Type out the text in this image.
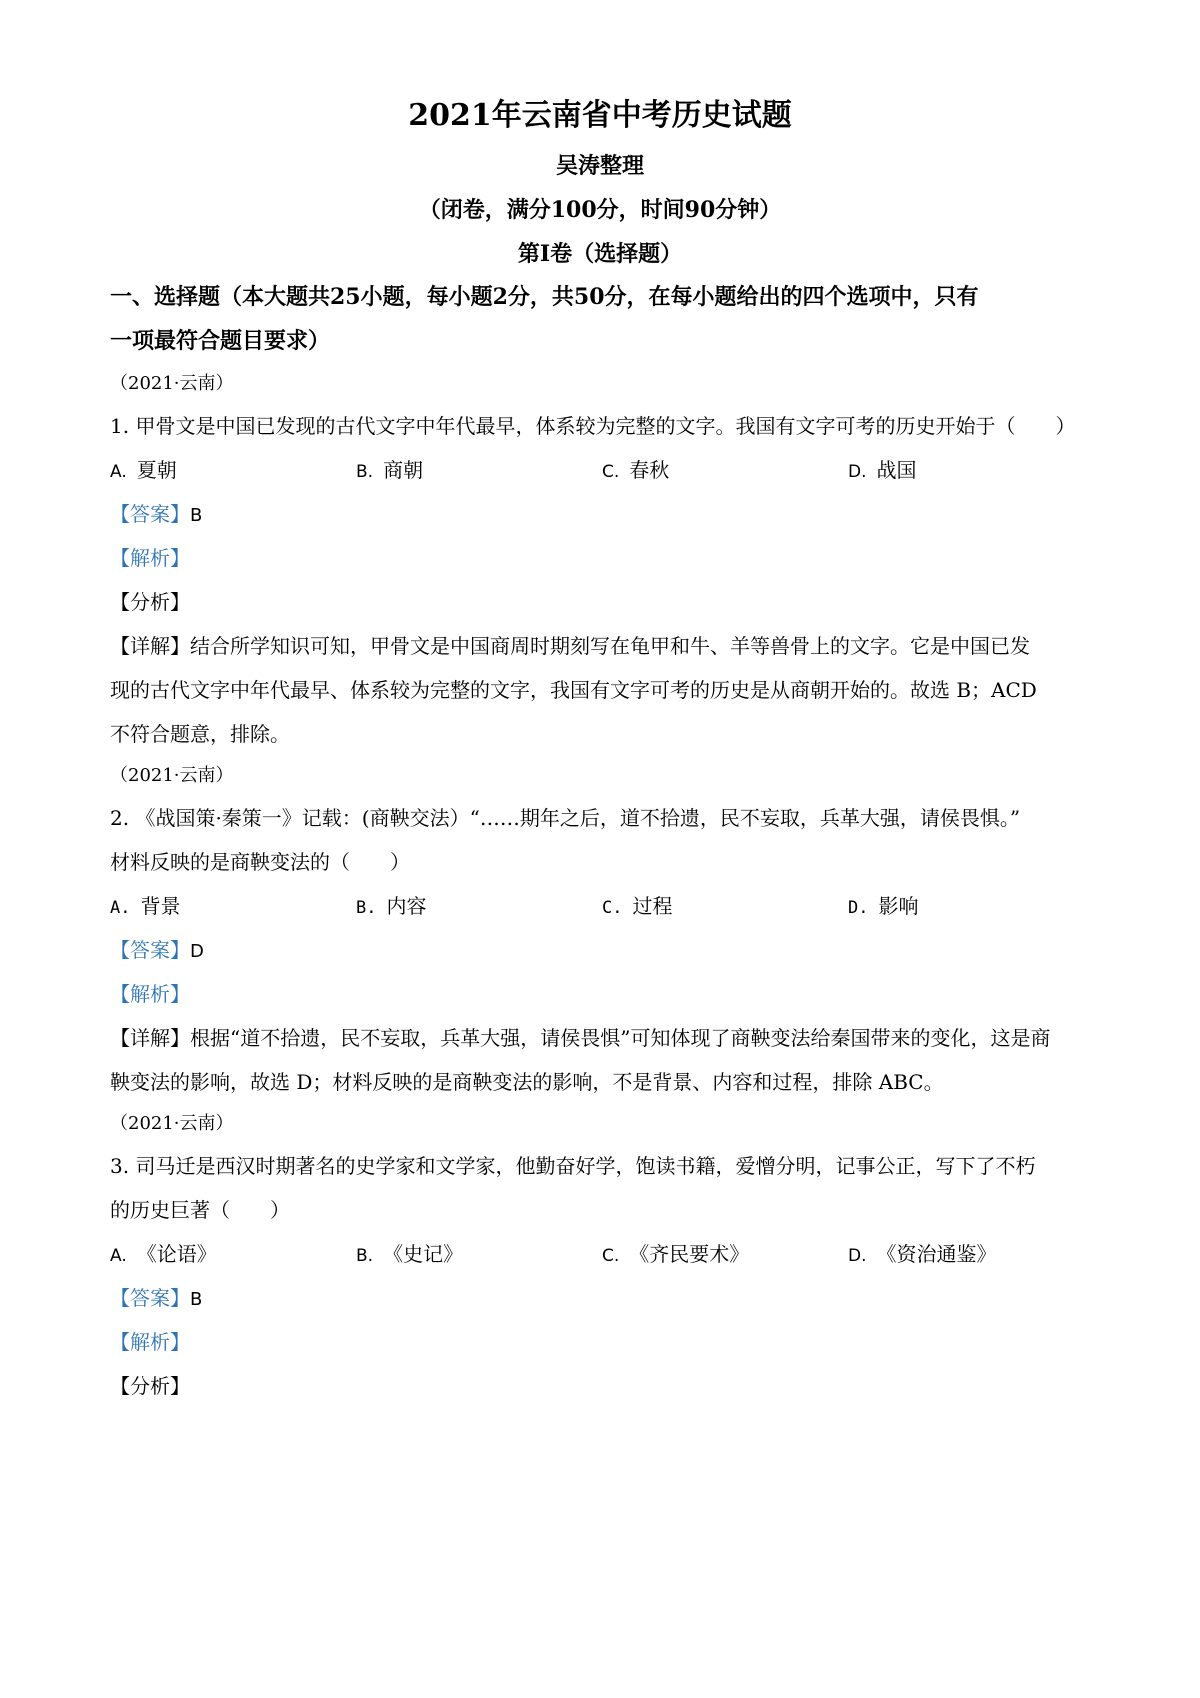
2021年云南省中考历史试题
吴涛整理
（闭卷，满分100分，时间90分钟）
第Ⅰ卷（选择题）
一、选择题（本大题共25小题，每小题2分，共50分，在每小题给出的四个选项中，只有
一项最符合题目要求）
（2021·云南）
1. 甲骨文是中国已发现的古代文字中年代最早，体系较为完整的文字。我国有文字可考的历史开始于（　　）
A. 夏朝	B. 商朝	C. 春秋	D. 战国
【答案】B
【解析】
【分析】
【详解】结合所学知识可知，甲骨文是中国商周时期刻写在龟甲和牛、羊等兽骨上的文字。它是中国已发
现的古代文字中年代最早、体系较为完整的文字，我国有文字可考的历史是从商朝开始的。故选 B；ACD
不符合题意，排除。
（2021·云南）
2. 《战国策·秦策一》记载：(商鞅交法）“……期年之后，道不拾遗，民不妄取，兵革大强，请侯畏惧。”
材料反映的是商鞅变法的（　　）
A. 背景	B. 内容	C. 过程	D. 影响
【答案】D
【解析】
【详解】根据“道不拾遗，民不妄取，兵革大强，请侯畏惧”可知体现了商鞅变法给秦国带来的变化，这是商
鞅变法的影响，故选 D；材料反映的是商鞅变法的影响，不是背景、内容和过程，排除 ABC。
（2021·云南）
3. 司马迁是西汉时期著名的史学家和文学家，他勤奋好学，饱读书籍，爱憎分明，记事公正，写下了不朽
的历史巨著（　　）
A. 《论语》	B. 《史记》	C. 《齐民要术》	D. 《资治通鉴》
【答案】B
【解析】
【分析】
